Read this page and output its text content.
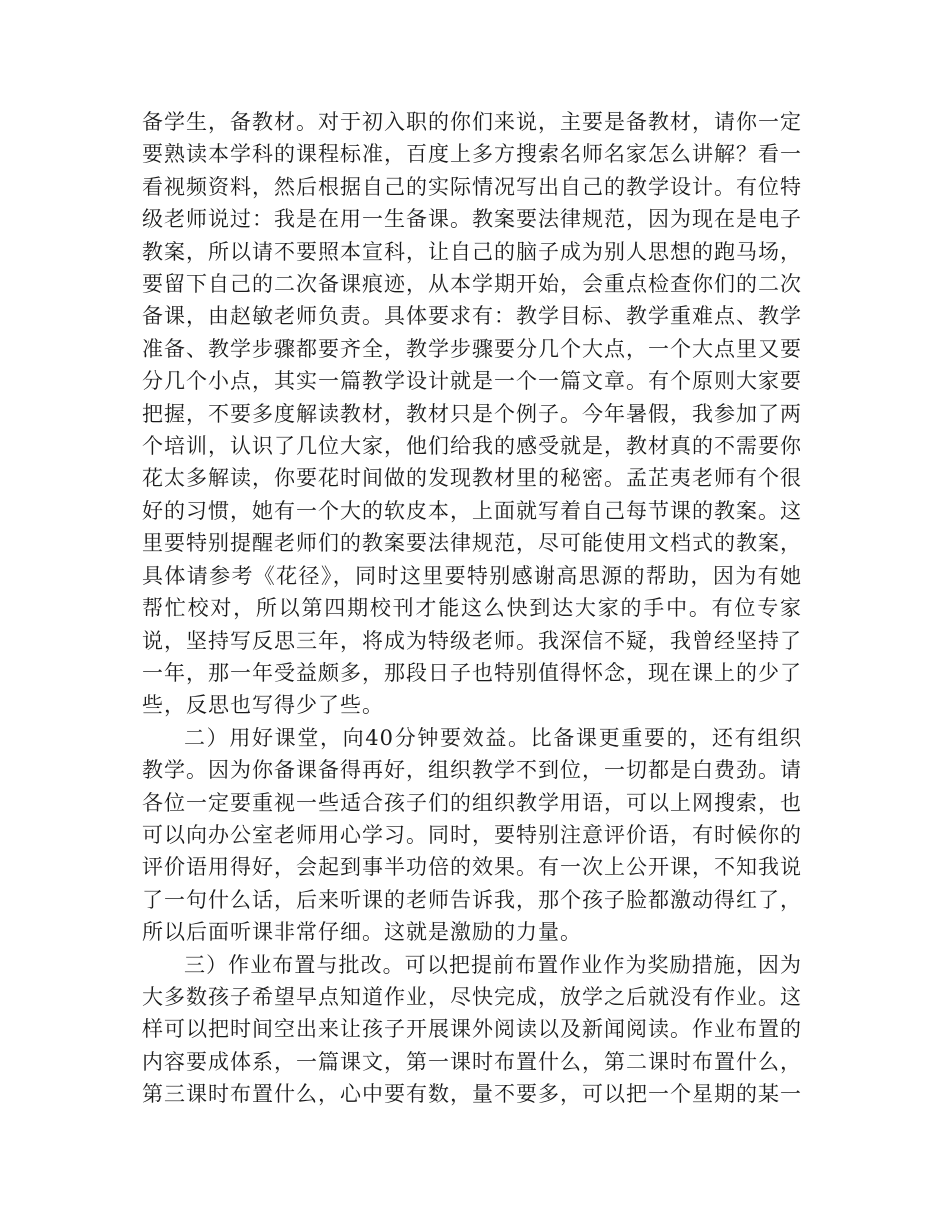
备学生，备教材。对于初入职的你们来说，主要是备教材，请你一定要熟读本学科的课程标准，百度上多方搜索名师名家怎么讲解？看一看视频资料，然后根据自己的实际情况写出自己的教学设计。有位特级老师说过：我是在用一生备课。教案要法律规范，因为现在是电子教案，所以请不要照本宣科，让自己的脑子成为别人思想的跑马场，要留下自己的二次备课痕迹，从本学期开始，会重点检查你们的二次备课，由赵敏老师负责。具体要求有：教学目标、教学重难点、教学准备、教学步骤都要齐全，教学步骤要分几个大点，一个大点里又要分几个小点，其实一篇教学设计就是一个一篇文章。有个原则大家要把握，不要多度解读教材，教材只是个例子。今年暑假，我参加了两个培训，认识了几位大家，他们给我的感受就是，教材真的不需要你花太多解读，你要花时间做的发现教材里的秘密。孟芷夷老师有个很好的习惯，她有一个大的软皮本，上面就写着自己每节课的教案。这里要特别提醒老师们的教案要法律规范，尽可能使用文档式的教案，具体请参考《花径》，同时这里要特别感谢高思源的帮助，因为有她帮忙校对，所以第四期校刊才能这么快到达大家的手中。有位专家说，坚持写反思三年，将成为特级老师。我深信不疑，我曾经坚持了一年，那一年受益颇多，那段日子也特别值得怀念，现在课上的少了些，反思也写得少了些。

二）用好课堂，向40分钟要效益。比备课更重要的，还有组织教学。因为你备课备得再好，组织教学不到位，一切都是白费劲。请各位一定要重视一些适合孩子们的组织教学用语，可以上网搜索，也可以向办公室老师用心学习。同时，要特别注意评价语，有时候你的评价语用得好，会起到事半功倍的效果。有一次上公开课，不知我说了一句什么话，后来听课的老师告诉我，那个孩子脸都激动得红了，所以后面听课非常仔细。这就是激励的力量。

三）作业布置与批改。可以把提前布置作业作为奖励措施，因为大多数孩子希望早点知道作业，尽快完成，放学之后就没有作业。这样可以把时间空出来让孩子开展课外阅读以及新闻阅读。作业布置的内容要成体系，一篇课文，第一课时布置什么，第二课时布置什么，第三课时布置什么，心中要有数，量不要多，可以把一个星期的某一
